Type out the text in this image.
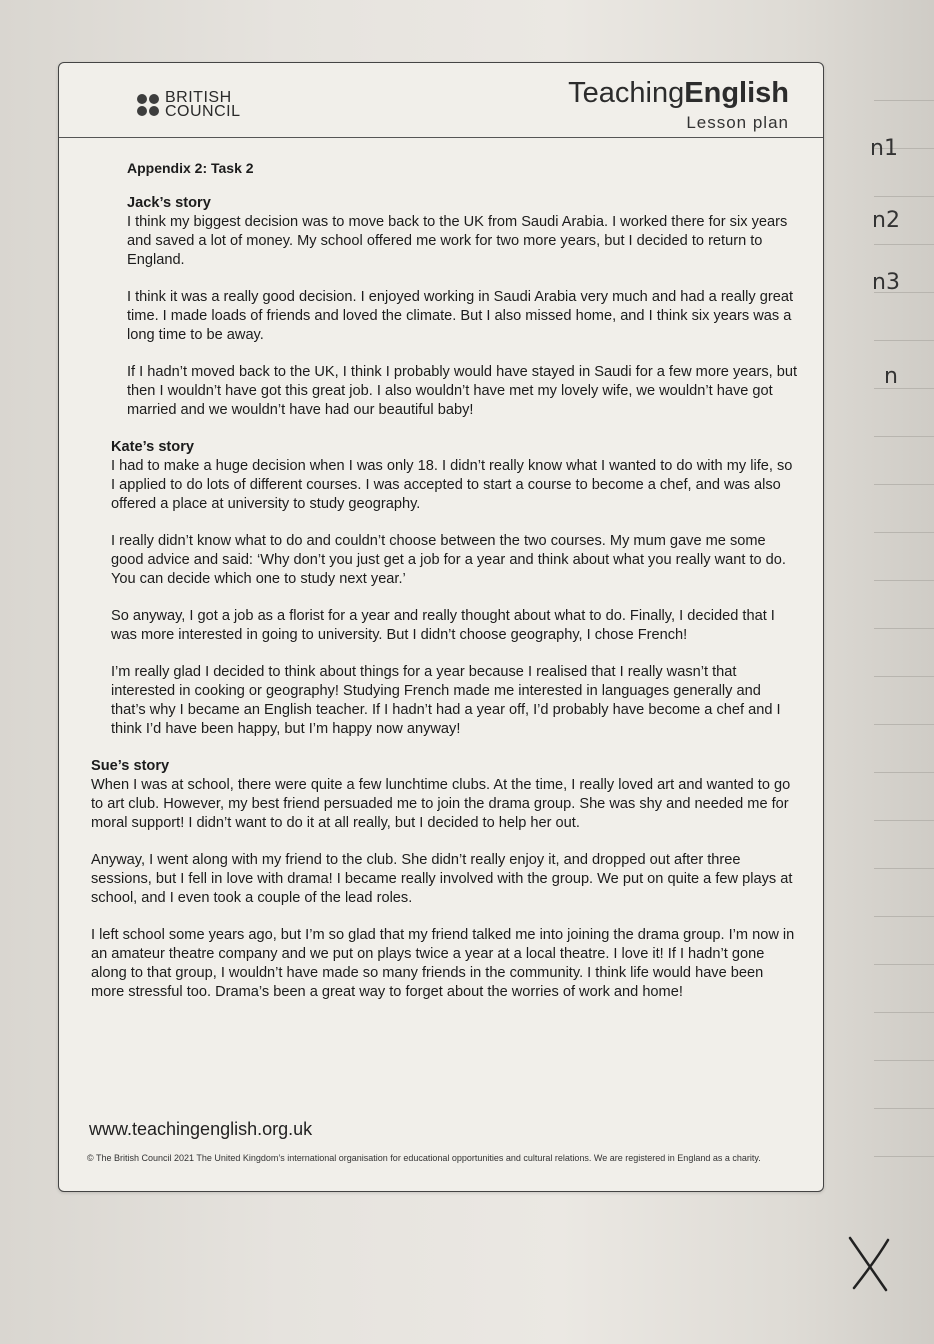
BRITISH
COUNCIL
TeachingEnglish
Lesson plan
Appendix 2: Task 2
Jack’s story

I think my biggest decision was to move back to the UK from Saudi Arabia. I worked there for six years and saved a lot of money. My school offered me work for two more years, but I decided to return to England.

I think it was a really good decision. I enjoyed working in Saudi Arabia very much and had a really great time. I made loads of friends and loved the climate. But I also missed home, and I think six years was a long time to be away.

If I hadn’t moved back to the UK, I think I probably would have stayed in Saudi for a few more years, but then I wouldn’t have got this great job. I also wouldn’t have met my lovely wife, we wouldn’t have got married and we wouldn’t have had our beautiful baby!

Kate’s story

I had to make a huge decision when I was only 18. I didn’t really know what I wanted to do with my life, so I applied to do lots of different courses. I was accepted to start a course to become a chef, and was also offered a place at university to study geography.

I really didn’t know what to do and couldn’t choose between the two courses. My mum gave me some good advice and said: ‘Why don’t you just get a job for a year and think about what you really want to do. You can decide which one to study next year.’

So anyway, I got a job as a florist for a year and really thought about what to do. Finally, I decided that I was more interested in going to university. But I didn’t choose geography, I chose French!

I’m really glad I decided to think about things for a year because I realised that I really wasn’t that interested in cooking or geography! Studying French made me interested in languages generally and that’s why I became an English teacher. If I hadn’t had a year off, I’d probably have become a chef and I think I’d have been happy, but I’m happy now anyway!

Sue’s story

When I was at school, there were quite a few lunchtime clubs. At the time, I really loved art and wanted to go to art club. However, my best friend persuaded me to join the drama group. She was shy and needed me for moral support! I didn’t want to do it at all really, but I decided to help her out.

Anyway, I went along with my friend to the club. She didn’t really enjoy it, and dropped out after three sessions, but I fell in love with drama! I became really involved with the group. We put on quite a few plays at school, and I even took a couple of the lead roles.

I left school some years ago, but I’m so glad that my friend talked me into joining the drama group. I’m now in an amateur theatre company and we put on plays twice a year at a local theatre. I love it! If I hadn’t gone along to that group, I wouldn’t have made so many friends in the community. I think life would have been more stressful too. Drama’s been a great way to forget about the worries of work and home!

www.teachingenglish.org.uk
© The British Council 2021 The United Kingdom’s international organisation for educational opportunities and cultural relations. We are registered in England as a charity.
n1
n2
n3
n
